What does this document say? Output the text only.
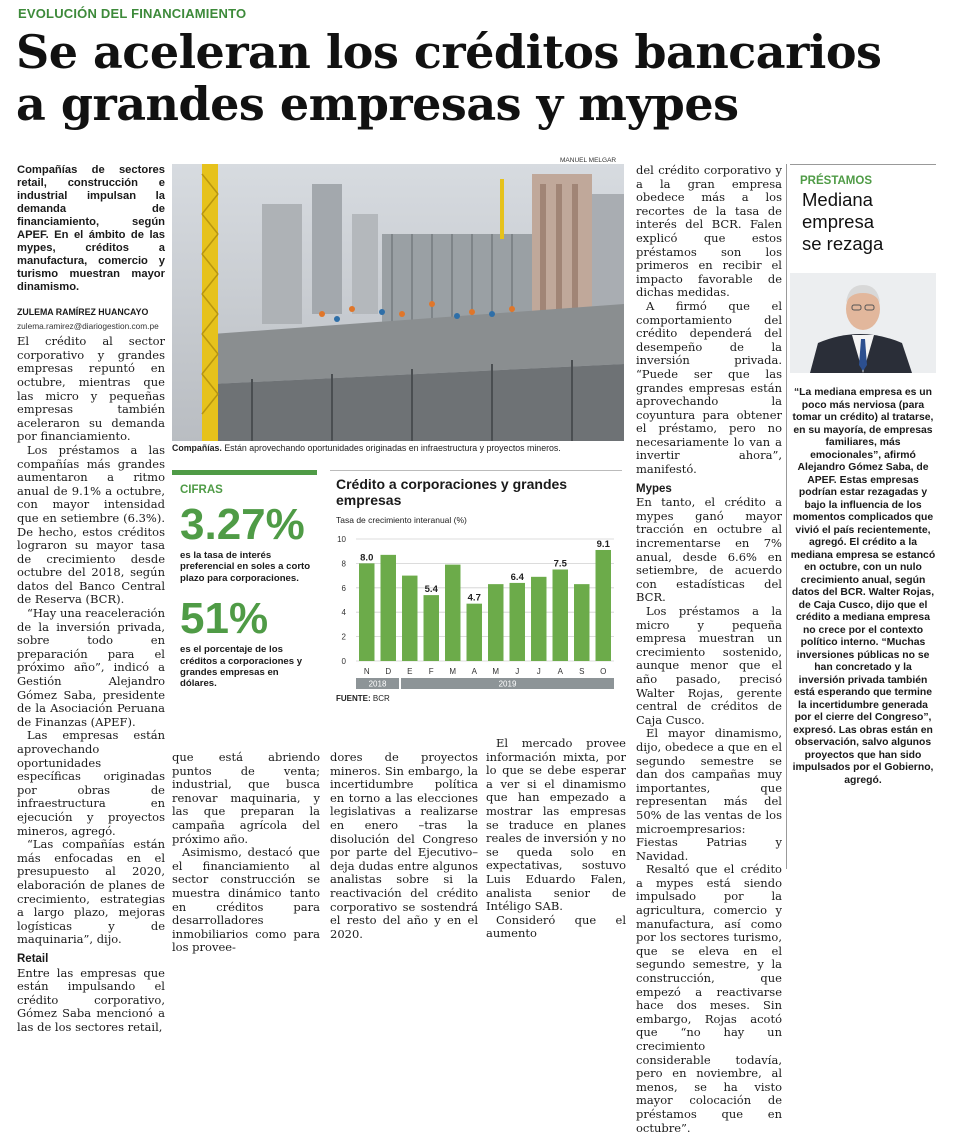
EVOLUCIÓN DEL FINANCIAMIENTO
Se aceleran los créditos bancarios
a grandes empresas y mypes

Compañías de sectores retail, construcción e industrial impulsan la demanda de financiamiento, según APEF. En el ámbito de las mypes, créditos a manufactura, comercio y turismo muestran mayor dinamismo.

ZULEMA RAMÍREZ HUANCAYO
zulema.ramirez@diariogestion.com.pe

El crédito al sector corporativo y grandes empresas repuntó en octubre, mientras que las micro y pequeñas empresas también aceleraron su demanda por financiamiento.

Los préstamos a las compañías más grandes aumentaron a ritmo anual de 9.1% a octubre, con mayor intensidad que en setiembre (6.3%). De hecho, estos créditos lograron su mayor tasa de crecimiento desde octubre del 2018, según datos del Banco Central de Reserva (BCR).

“Hay una reaceleración de la inversión privada, sobre todo en preparación para el próximo año”, indicó a Gestión Alejandro Gómez Saba, presidente de la Asociación Peruana de Finanzas (APEF).

Las empresas están aprovechando oportunidades específicas originadas por obras de infraestructura en ejecución y proyectos mineros, agregó.

“Las compañías están más enfocadas en el presupuesto al 2020, elaboración de planes de crecimiento, estrategias a largo plazo, mejoras logísticas y de maquinaria”, dijo.

Retail

Entre las empresas que están impulsando el crédito corporativo, Gómez Saba mencionó a las de los sectores retail,

MANUEL MELGAR
Compañías. Están aprovechando oportunidades originadas en infraestructura y proyectos mineros.
CIFRAS
3.27%
es la tasa de interés preferencial en soles a corto plazo para corporaciones.
51%
es el porcentaje de los créditos a corporaciones y grandes empresas en dólares.
Crédito a corporaciones y grandes empresas
Tasa de crecimiento interanual (%)
0
2
4
6
8
10
8.0
N D E
5.4
F M
4.7
A M
6.4
J J
7.5
A S
9.1
O
2018	2019
FUENTE: BCR

que está abriendo puntos de venta; industrial, que busca renovar maquinaria, y las que preparan la campaña agrícola del próximo año.

Asimismo, destacó que el financiamiento al sector construcción se muestra dinámico tanto en créditos para desarrolladores inmobiliarios como para los provee-

dores de proyectos mineros. Sin embargo, la incertidumbre política en torno a las elecciones legislativas a realizarse en enero –tras la disolución del Congreso por parte del Ejecutivo– deja dudas entre algunos analistas sobre si la reactivación del crédito corporativo se sostendrá el resto del año y en el 2020.

El mercado provee información mixta, por lo que se debe esperar a ver si el dinamismo que han empezado a mostrar las empresas se traduce en planes reales de inversión y no se queda solo en expectativas, sostuvo Luis Eduardo Falen, analista senior de Intéligo SAB.

Consideró que el aumento

del crédito corporativo y a la gran empresa obedece más a los recortes de la tasa de interés del BCR. Falen explicó que estos préstamos son los primeros en recibir el impacto favorable de dichas medidas.

A firmó que el comportamiento del crédito dependerá del desempeño de la inversión privada. “Puede ser que las grandes empresas están aprovechando la coyuntura para obtener el préstamo, pero no necesariamente lo van a invertir ahora”, manifestó.

Mypes

En tanto, el crédito a mypes ganó mayor tracción en octubre al incrementarse en 7% anual, desde 6.6% en setiembre, de acuerdo con estadísticas del BCR.

Los préstamos a la micro y pequeña empresa muestran un crecimiento sostenido, aunque menor que el año pasado, precisó Walter Rojas, gerente central de créditos de Caja Cusco.

El mayor dinamismo, dijo, obedece a que en el segundo semestre se dan dos campañas muy importantes, que representan más del 50% de las ventas de los microempresarios: Fiestas Patrias y Navidad.

Resaltó que el crédito a mypes está siendo impulsado por la agricultura, comercio y manufactura, así como por los sectores turismo, que se eleva en el segundo semestre, y la construcción, que empezó a reactivarse hace dos meses. Sin embargo, Rojas acotó que “no hay un crecimiento considerable todavía, pero en noviembre, al menos, se ha visto mayor colocación de préstamos que en octubre”.

PRÉSTAMOS
Mediana
empresa
se rezaga
“La mediana empresa es un poco más nerviosa (para tomar un crédito) al tratarse, en su mayoría, de empresas familiares, más emocionales”, afirmó Alejandro Gómez Saba, de APEF. Estas empresas podrían estar rezagadas y bajo la influencia de los momentos complicados que vivió el país recientemente, agregó. El crédito a la mediana empresa se estancó en octubre, con un nulo crecimiento anual, según datos del BCR. Walter Rojas, de Caja Cusco, dijo que el crédito a mediana empresa no crece por el contexto político interno. “Muchas inversiones públicas no se han concretado y la inversión privada también está esperando que termine la incertidumbre generada por el cierre del Congreso”, expresó. Las obras están en observación, salvo algunos proyectos que han sido impulsados por el Gobierno, agregó.
